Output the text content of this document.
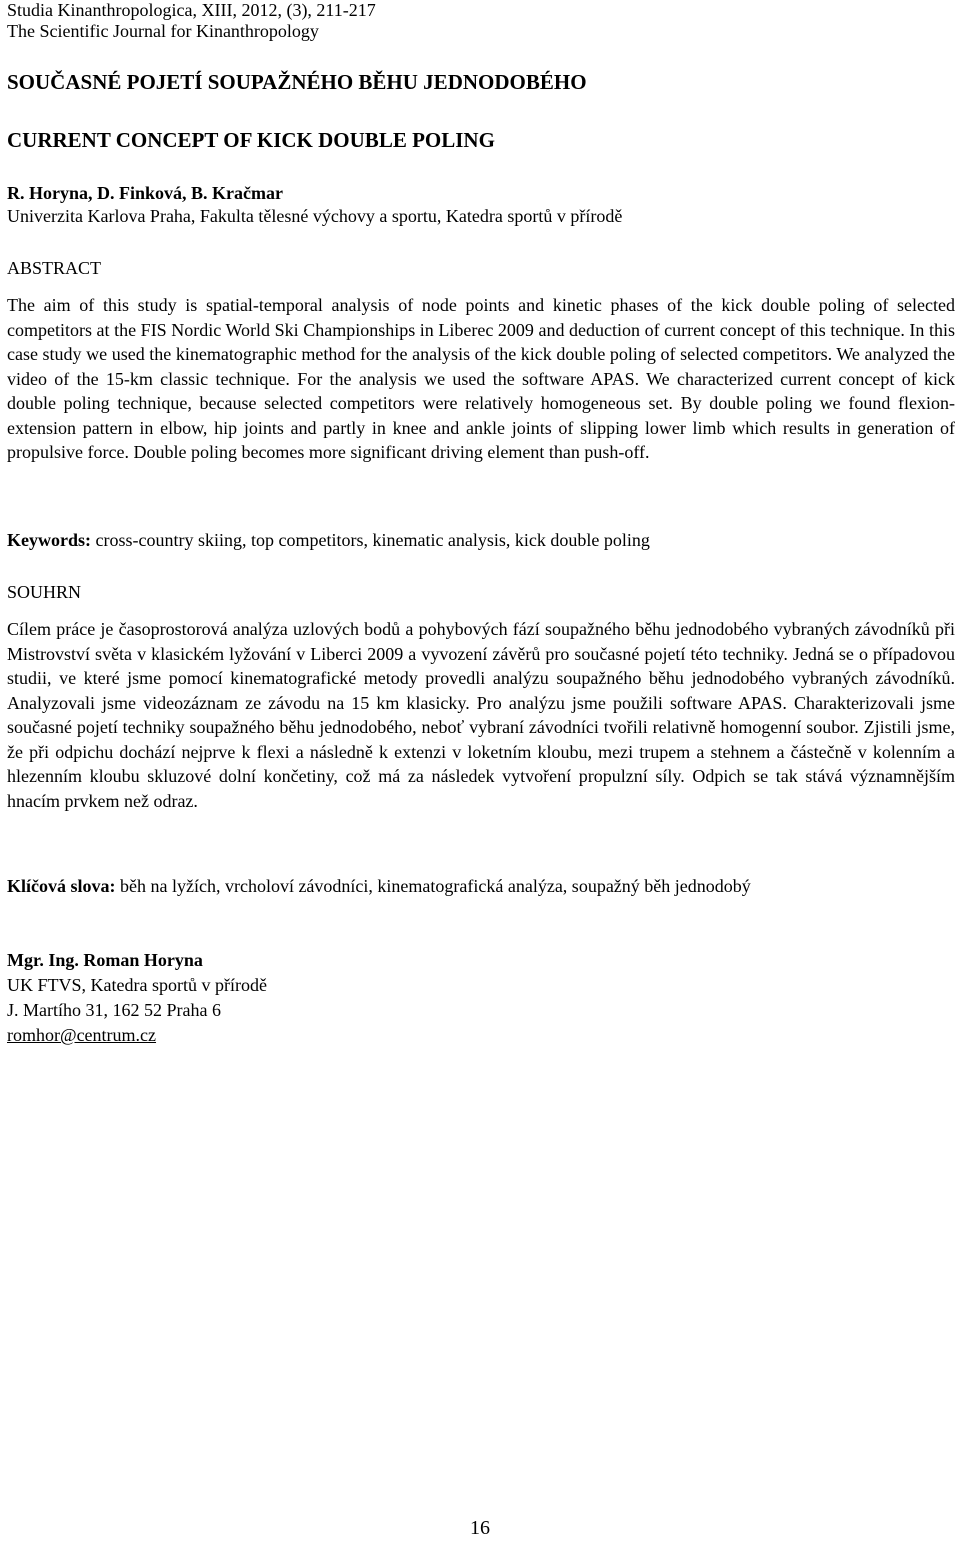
Studia Kinanthropologica, XIII, 2012, (3), 211-217
The Scientific Journal for Kinanthropology
SOUČASNÉ POJETÍ SOUPAŽNÉHO BĚHU JEDNODOBÉHO
CURRENT CONCEPT OF KICK DOUBLE POLING
R. Horyna, D. Finková, B. Kračmar
Univerzita Karlova Praha, Fakulta tělesné výchovy a sportu, Katedra sportů v přírodě
ABSTRACT

The aim of this study is spatial-temporal analysis of node points and kinetic phases of the kick double poling of selected competitors at the FIS Nordic World Ski Championships in Liberec 2009 and deduction of current concept of this technique. In this case study we used the kinematographic method for the analysis of the kick double poling of selected competitors. We analyzed the video of the 15-km classic technique. For the analysis we used the software APAS. We characterized current concept of kick double poling technique, because selected competitors were relatively homogeneous set. By double poling we found flexion-extension pattern in elbow, hip joints and partly in knee and ankle joints of slipping lower limb which results in generation of propulsive force. Double poling becomes more significant driving element than push-off.

Keywords: cross-country skiing, top competitors, kinematic analysis, kick double poling
SOUHRN

Cílem práce je časoprostorová analýza uzlových bodů a pohybových fází soupažného běhu jednodobého vybraných závodníků při Mistrovství světa v klasickém lyžování v Liberci 2009 a vyvození závěrů pro současné pojetí této techniky. Jedná se o případovou studii, ve které jsme pomocí kinematografické metody provedli analýzu soupažného běhu jednodobého vybraných závodníků. Analyzovali jsme videozáznam ze závodu na 15 km klasicky. Pro analýzu jsme použili software APAS. Charakterizovali jsme současné pojetí techniky soupažného běhu jednodobého, neboť vybraní závodníci tvořili relativně homogenní soubor. Zjistili jsme, že při odpichu dochází nejprve k flexi a následně k extenzi v loketním kloubu, mezi trupem a stehnem a částečně v kolenním a hlezenním kloubu skluzové dolní končetiny, což má za následek vytvoření propulzní síly. Odpich se tak stává významnějším hnacím prvkem než odraz.

Klíčová slova: běh na lyžích, vrcholoví závodníci, kinematografická analýza, soupažný běh jednodobý
Mgr. Ing. Roman Horyna
UK FTVS, Katedra sportů v přírodě
J. Martího 31, 162 52 Praha 6
romhor@centrum.cz
16
